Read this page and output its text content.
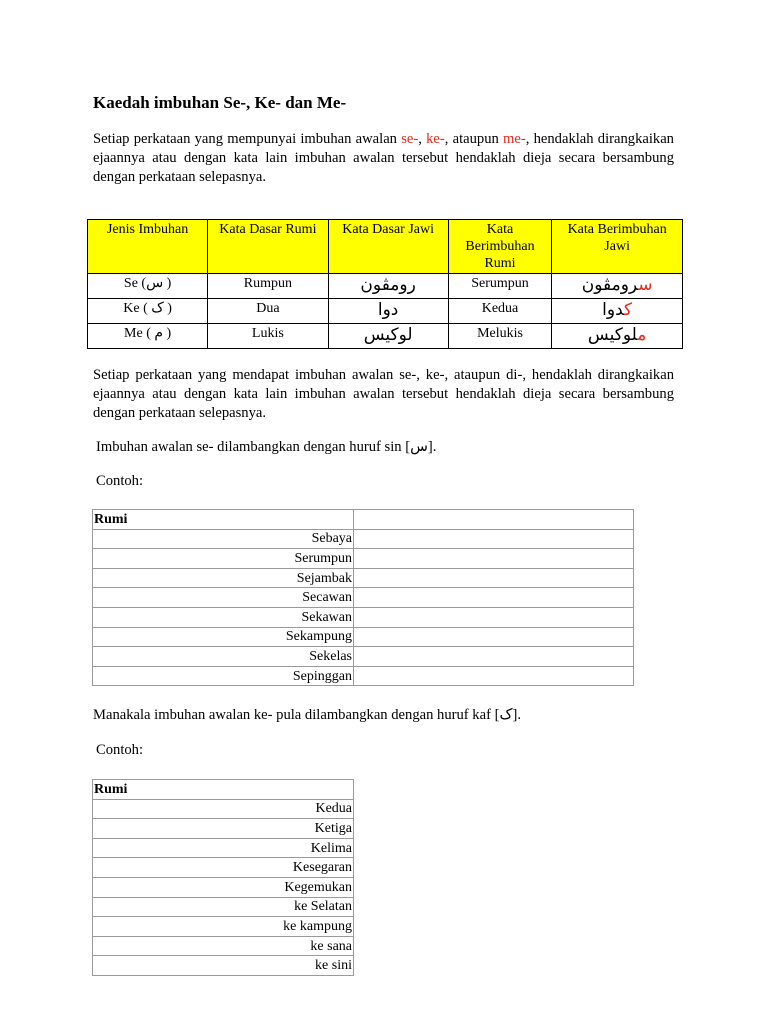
Kaedah imbuhan Se-, Ke- dan Me-

Setiap perkataan yang mempunyai imbuhan awalan se-, ke-, ataupun me-, hendaklah dirangkaikan ejaannya atau dengan kata lain imbuhan awalan tersebut hendaklah dieja secara bersambung dengan perkataan selepasnya.

Jenis Imbuhan	Kata Dasar Rumi	Kata Dasar Jawi	Kata Berimbuhan Rumi	Kata Berimbuhan Jawi
Se (س )	Rumpun	رومڤون	Serumpun	سرومڤون
Ke ( ک )	Dua	دوا	Kedua	کدوا
Me ( م )	Lukis	لوکيس	Melukis	ملوکيس

Setiap perkataan yang mendapat imbuhan awalan se-, ke-, ataupun di-, hendaklah dirangkaikan ejaannya atau dengan kata lain imbuhan awalan tersebut hendaklah dieja secara bersambung dengan perkataan selepasnya.

Imbuhan awalan se- dilambangkan dengan huruf sin [س].

Contoh:

Rumi	
Sebaya	
Serumpun	
Sejambak	
Secawan	
Sekawan	
Sekampung	
Sekelas	
Sepinggan	

Manakala imbuhan awalan ke- pula dilambangkan dengan huruf kaf [ک].

Contoh:

Rumi
Kedua
Ketiga
Kelima
Kesegaran
Kegemukan
ke Selatan
ke kampung
ke sana
ke sini
